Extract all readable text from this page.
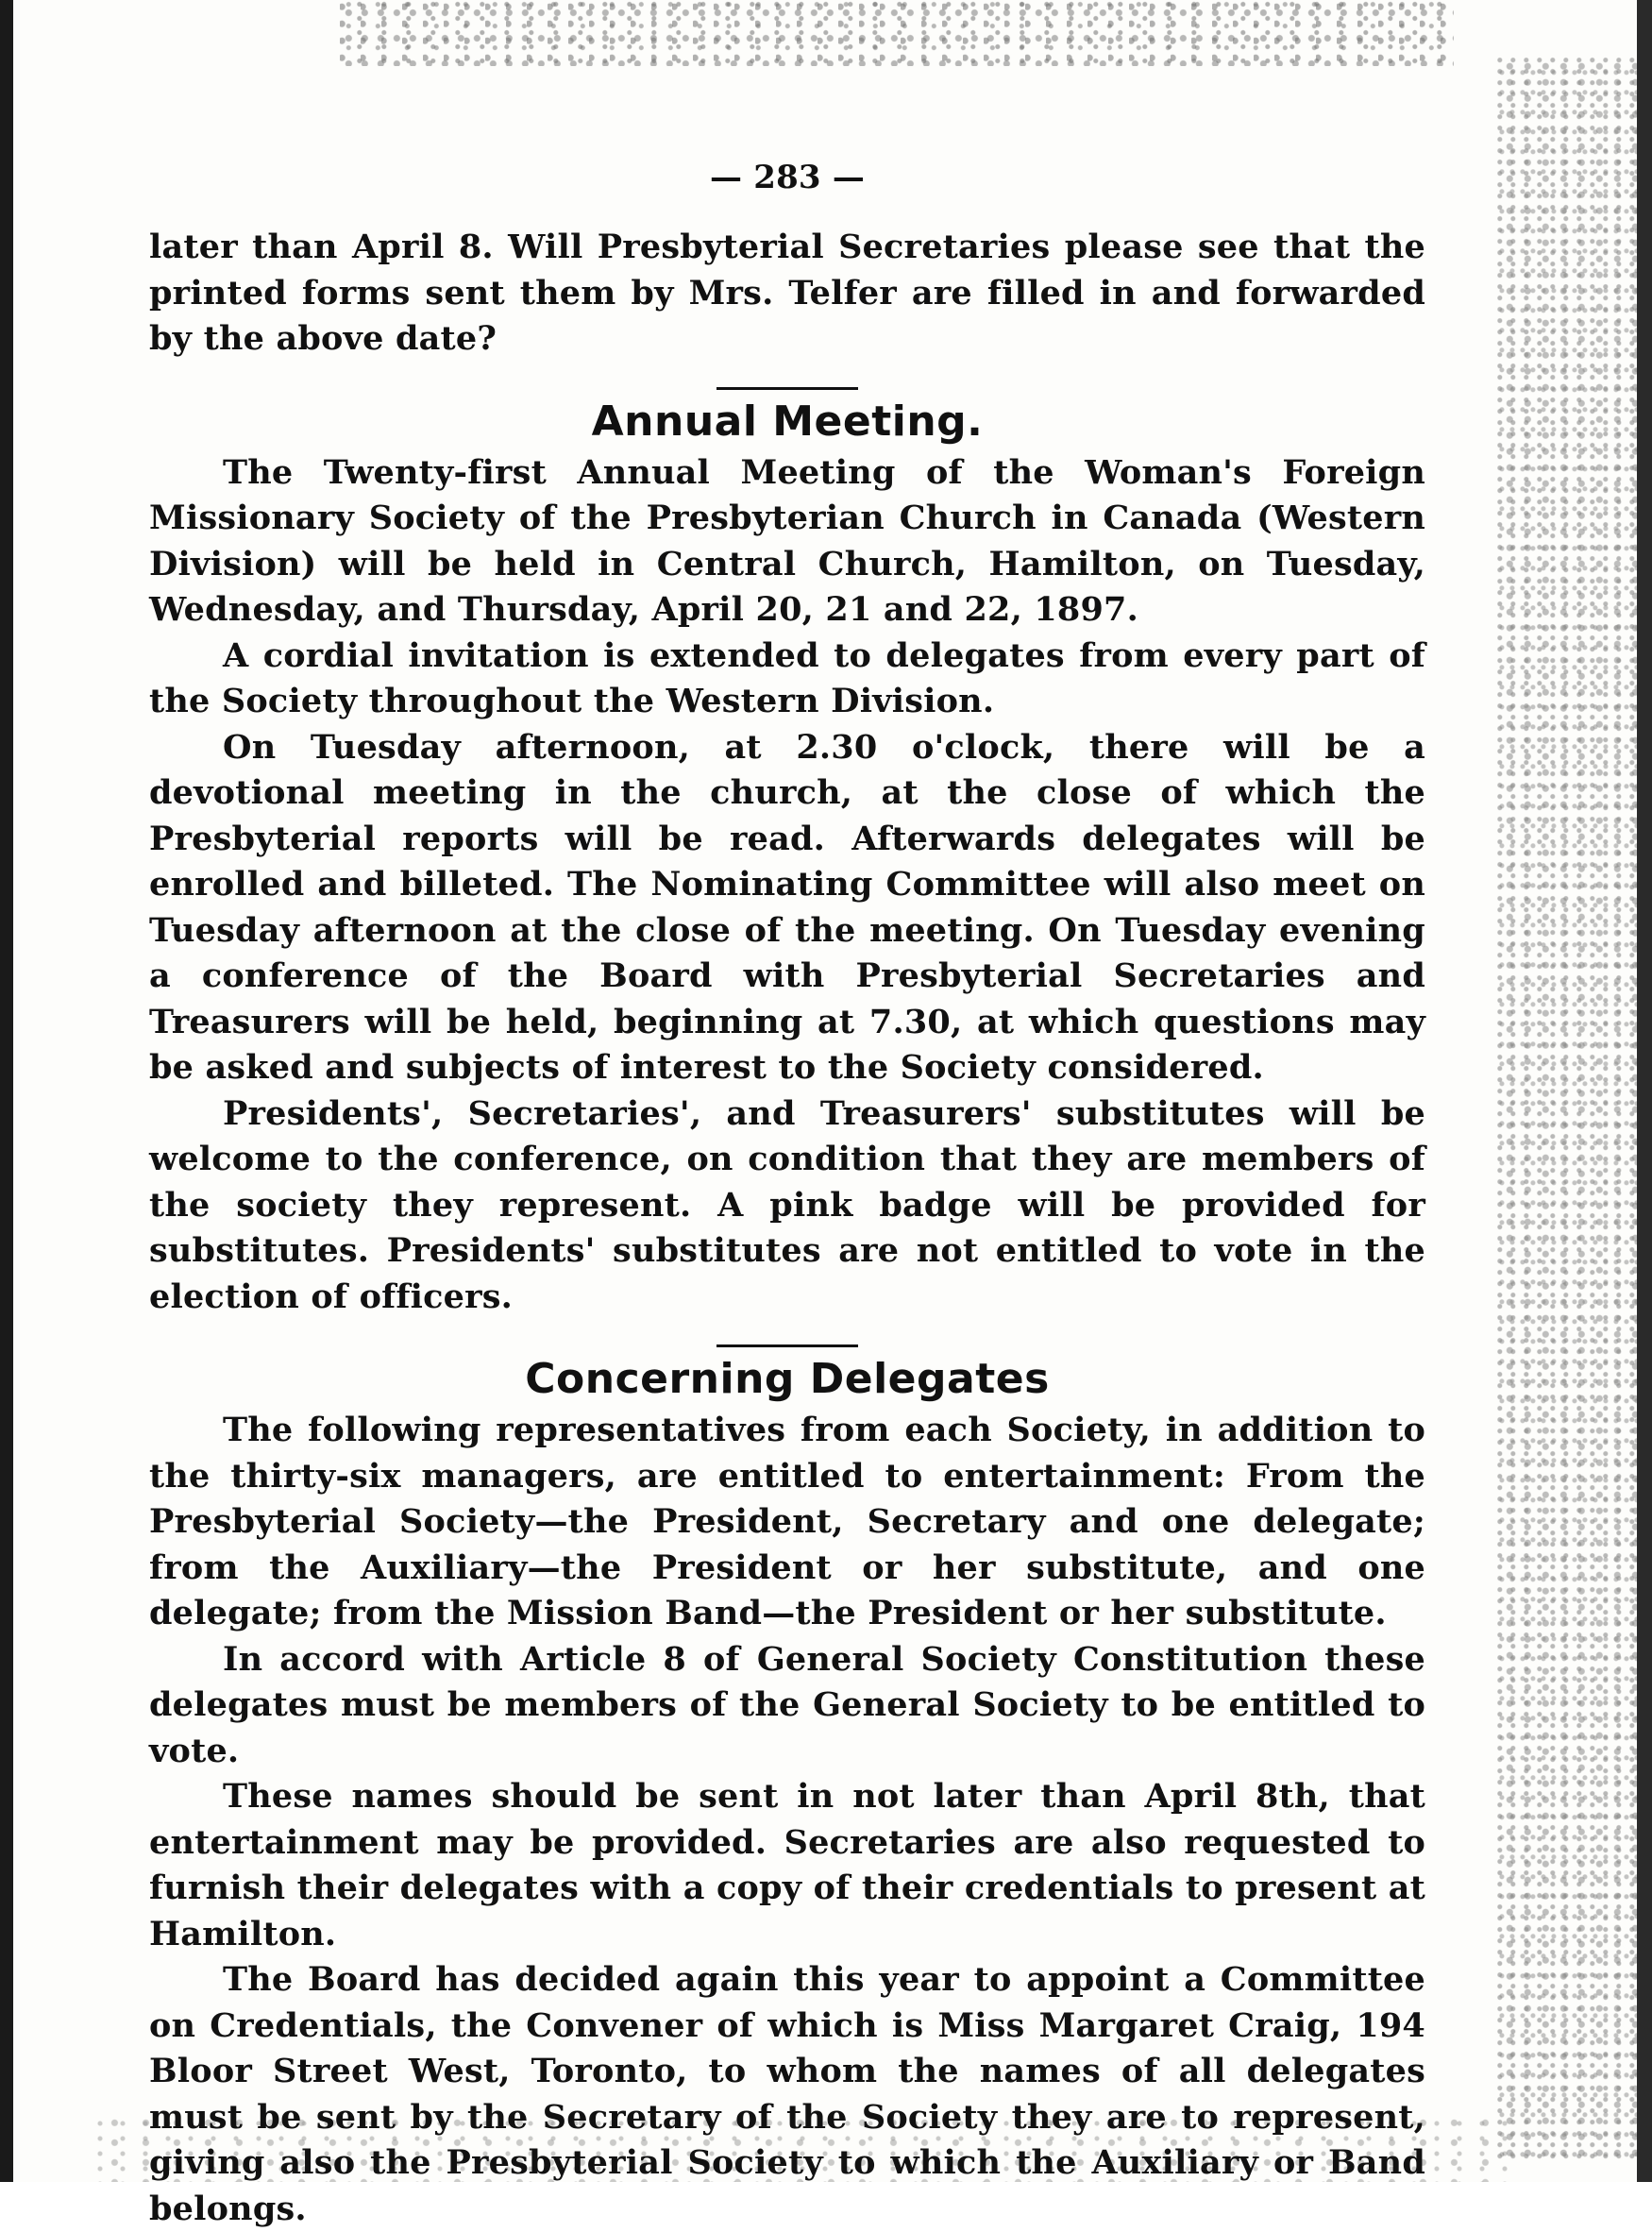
— 283 —

later than April 8. Will Presbyterial Secretaries please see that the printed forms sent them by Mrs. Telfer are filled in and forwarded by the above date?

Annual Meeting.

The Twenty-first Annual Meeting of the Woman's Foreign Missionary Society of the Presbyterian Church in Canada (Western Division) will be held in Central Church, Hamilton, on Tuesday, Wednesday, and Thursday, April 20, 21 and 22, 1897.

A cordial invitation is extended to delegates from every part of the Society throughout the Western Division.

On Tuesday afternoon, at 2.30 o'clock, there will be a devotional meeting in the church, at the close of which the Presbyterial reports will be read. Afterwards delegates will be enrolled and billeted. The Nominating Committee will also meet on Tuesday afternoon at the close of the meeting. On Tuesday evening a conference of the Board with Presbyterial Secretaries and Treasurers will be held, beginning at 7.30, at which questions may be asked and subjects of interest to the Society considered.

Presidents', Secretaries', and Treasurers' substitutes will be welcome to the conference, on condition that they are members of the society they represent. A pink badge will be provided for substitutes. Presidents' substitutes are not entitled to vote in the election of officers.

Concerning Delegates

The following representatives from each Society, in addition to the thirty-six managers, are entitled to entertainment: From the Presbyterial Society—the President, Secretary and one delegate; from the Auxiliary—the President or her substitute, and one delegate; from the Mission Band—the President or her substitute.

In accord with Article 8 of General Society Constitution these delegates must be members of the General Society to be entitled to vote.

These names should be sent in not later than April 8th, that entertainment may be provided. Secretaries are also requested to furnish their delegates with a copy of their credentials to present at Hamilton.

The Board has decided again this year to appoint a Committee on Credentials, the Convener of which is Miss Margaret Craig, 194 Bloor Street West, Toronto, to whom the names of all delegates must be sent by the Secretary of the Society they are to represent, giving also the Presbyterial Society to which the Auxiliary or Band belongs.
